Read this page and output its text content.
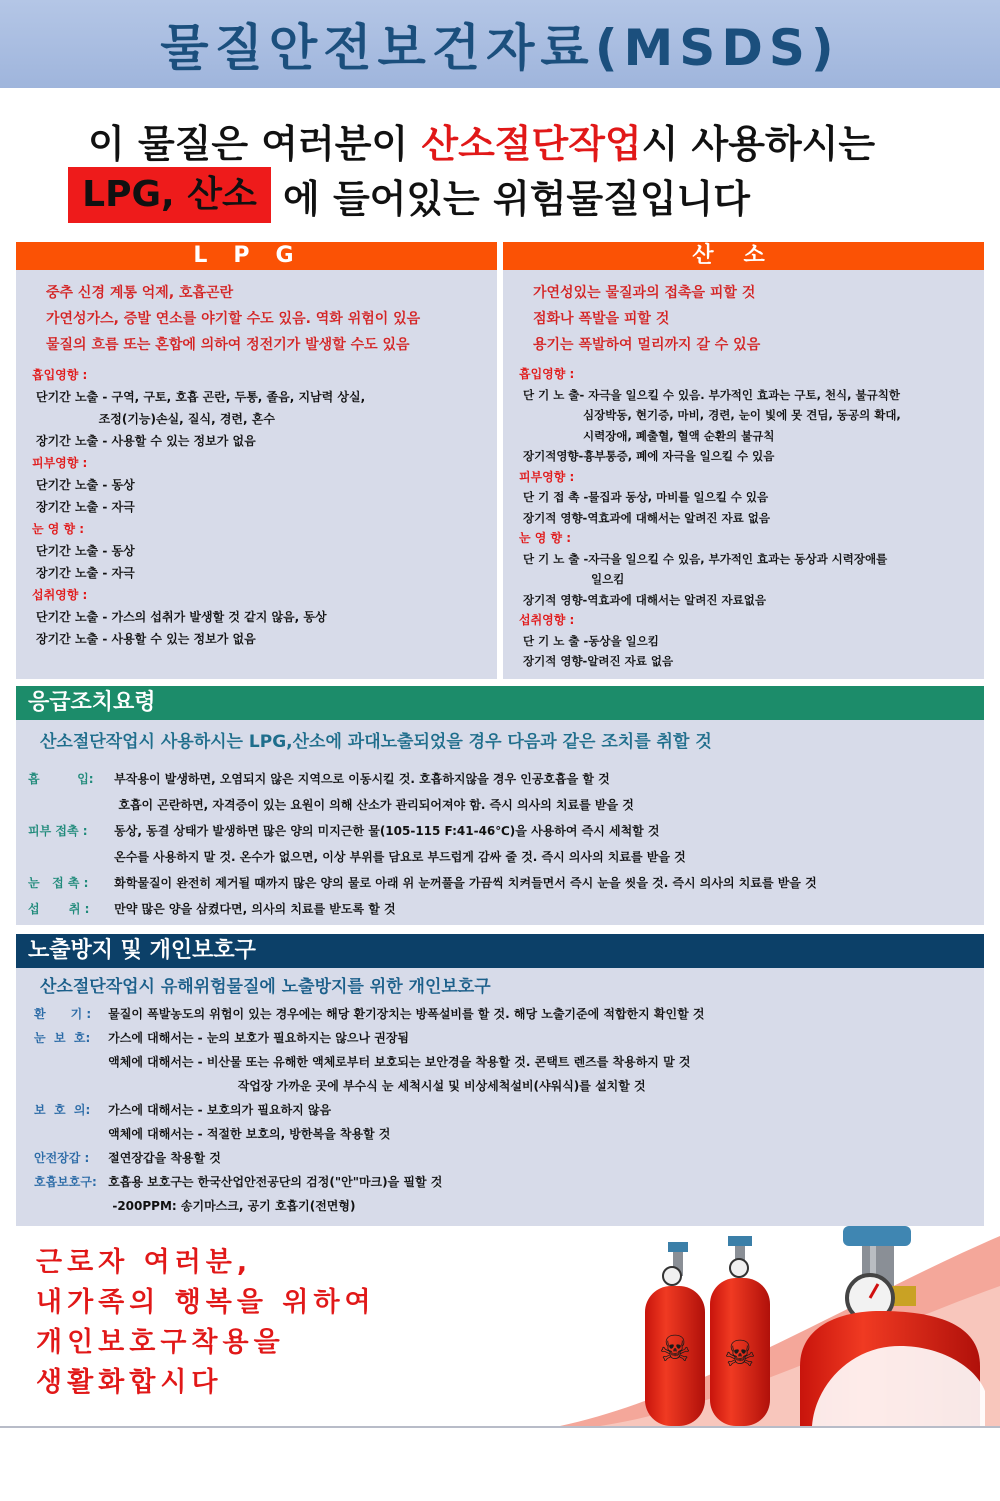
물질안전보건자료(MSDS)
이 물질은 여러분이 산소절단작업시 사용하시는
LPG, 산소 에 들어있는 위험물질입니다
LPG
중추 신경 계통 억제, 호흡곤란
가연성가스, 증발 연소를 야기할 수도 있음. 역화 위험이 있음
물질의 흐름 또는 혼합에 의하여 정전기가 발생할 수도 있음
흡입영향 :
단기간 노출 - 구역, 구토, 호흡 곤란, 두통, 졸음, 지남력 상실,
조정(기능)손실, 질식, 경련, 혼수
장기간 노출 - 사용할 수 있는 정보가 없음
피부영향 :
단기간 노출 - 동상
장기간 노출 - 자극
눈 영 향 :
단기간 노출 - 동상
장기간 노출 - 자극
섭취영향 :
단기간 노출 - 가스의 섭취가 발생할 것 같지 않음, 동상
장기간 노출 - 사용할 수 있는 정보가 없음
산소
가연성있는 물질과의 접촉을 피할 것
점화나 폭발을 피할 것
용기는 폭발하여 멀리까지 갈 수 있음
흡입영향 :
단 기 노 출- 자극을 일으킬 수 있음. 부가적인 효과는 구토, 천식, 불규칙한
심장박동, 현기증, 마비, 경련, 눈이 빛에 못 견딤, 동공의 확대,
시력장애, 폐출혈, 혈액 순환의 불규칙
장기적영향-흉부통증, 폐에 자극을 일으킬 수 있음
피부영향 :
단 기 접 촉 -물집과 동상, 마비를 일으킬 수 있음
장기적 영향-역효과에 대해서는 알려진 자료 없음
눈 영 향 :
단 기 노 출 -자극을 일으킬 수 있음, 부가적인 효과는 동상과 시력장애를
일으킴
장기적 영향-역효과에 대해서는 알려진 자료없음
섭취영향 :
단 기 노 출 -동상을 일으킴
장기적 영향-알려진 자료 없음
응급조치요령
산소절단작업시 사용하시는 LPG,산소에 과대노출되었을 경우 다음과 같은 조치를 취할 것
흡         입:	부작용이 발생하면, 오염되지 않은 지역으로 이동시킬 것. 호흡하지않을 경우 인공호흡을 할 것
호흡이 곤란하면, 자격증이 있는 요원이 의해 산소가 관리되어져야 함. 즉시 의사의 치료를 받을 것
피부 접촉 :	동상, 동결 상태가 발생하면 많은 양의 미지근한 물(105-115 F:41-46℃)을 사용하여 즉시 세척할 것
온수를 사용하지 말 것. 온수가 없으면, 이상 부위를 담요로 부드럽게 감싸 줄 것. 즉시 의사의 치료를 받을 것
눈   접 촉 :	화학물질이 완전히 제거될 때까지 많은 양의 물로 아래 위 눈꺼풀을 가끔씩 치켜들면서 즉시 눈을 씻을 것. 즉시 의사의 치료를 받을 것
섭       취 :	만약 많은 양을 삼켰다면, 의사의 치료를 받도록 할 것
노출방지 및 개인보호구
산소절단작업시 유해위험물질에 노출방지를 위한 개인보호구
환      기 :	물질이 폭발농도의 위험이 있는 경우에는 해당 환기장치는 방폭설비를 할 것. 해당 노출기준에 적합한지 확인할 것
눈  보  호:	가스에 대해서는 - 눈의 보호가 필요하지는 않으나 권장됨
액체에 대해서는 - 비산물 또는 유해한 액체로부터 보호되는 보안경을 착용할 것. 콘택트 렌즈를 착용하지 말 것
작업장 가까운 곳에 부수식 눈 세척시설 및 비상세척설비(샤워식)를 설치할 것
보  호  의:	가스에 대해서는 - 보호의가 필요하지 않음
액체에 대해서는 - 적절한 보호의, 방한복을 착용할 것
안전장갑 :	절연장갑을 착용할 것
호흡보호구: 호흡용 보호구는 한국산업안전공단의 검정("안"마크)을 필할 것
-200PPM: 송기마스크, 공기 호흡기(전면형)
☠ ☠
근로자 여러분,
내가족의 행복을 위하여
개인보호구착용을
생활화합시다
